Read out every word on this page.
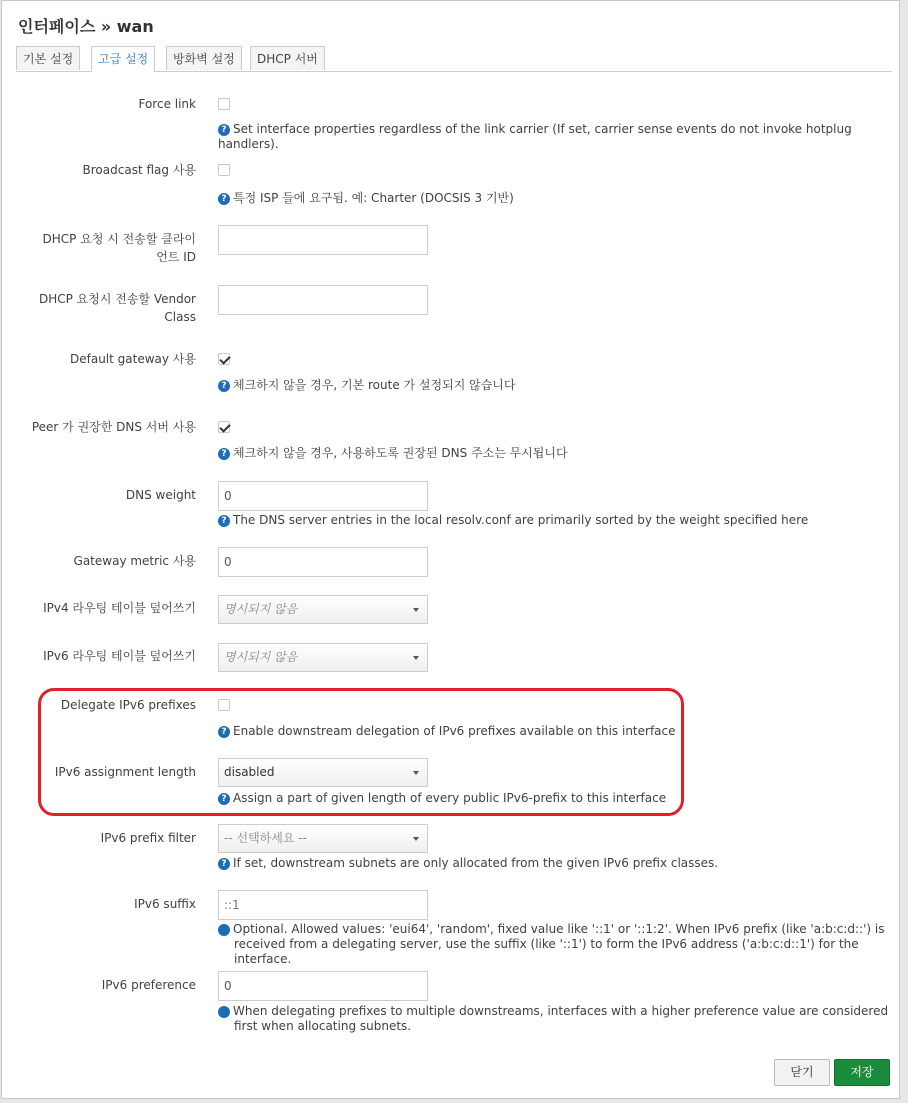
인터페이스 » wan
기본 설정	고급 설정	방화벽 설정	DHCP 서버
Force link
? Set interface properties regardless of the link carrier (If set, carrier sense events do not invoke hotplug handlers).
Broadcast flag 사용
? 특정 ISP 들에 요구됨. 예: Charter (DOCSIS 3 기반)
DHCP 요청 시 전송할 클라이
언트 ID
DHCP 요청시 전송할 Vendor
Class
Default gateway 사용
? 체크하지 않을 경우, 기본 route 가 설정되지 않습니다
Peer 가 권장한 DNS 서버 사용
? 체크하지 않을 경우, 사용하도록 권장된 DNS 주소는 무시됩니다
DNS weight	0
? The DNS server entries in the local resolv.conf are primarily sorted by the weight specified here
Gateway metric 사용	0
IPv4 라우팅 테이블 덮어쓰기	명시되지 않음
IPv6 라우팅 테이블 덮어쓰기	명시되지 않음
Delegate IPv6 prefixes
? Enable downstream delegation of IPv6 prefixes available on this interface
IPv6 assignment length	disabled
? Assign a part of given length of every public IPv6-prefix to this interface
IPv6 prefix filter	-- 선택하세요 --
? If set, downstream subnets are only allocated from the given IPv6 prefix classes.
IPv6 suffix	::1
? Optional. Allowed values: 'eui64', 'random', fixed value like '::1' or '::1:2'. When IPv6 prefix (like 'a:b:c:d::') is received from a delegating server, use the suffix (like '::1') to form the IPv6 address ('a:b:c:d::1') for the interface.
IPv6 preference	0
? When delegating prefixes to multiple downstreams, interfaces with a higher preference value are considered first when allocating subnets.
닫기	저장
